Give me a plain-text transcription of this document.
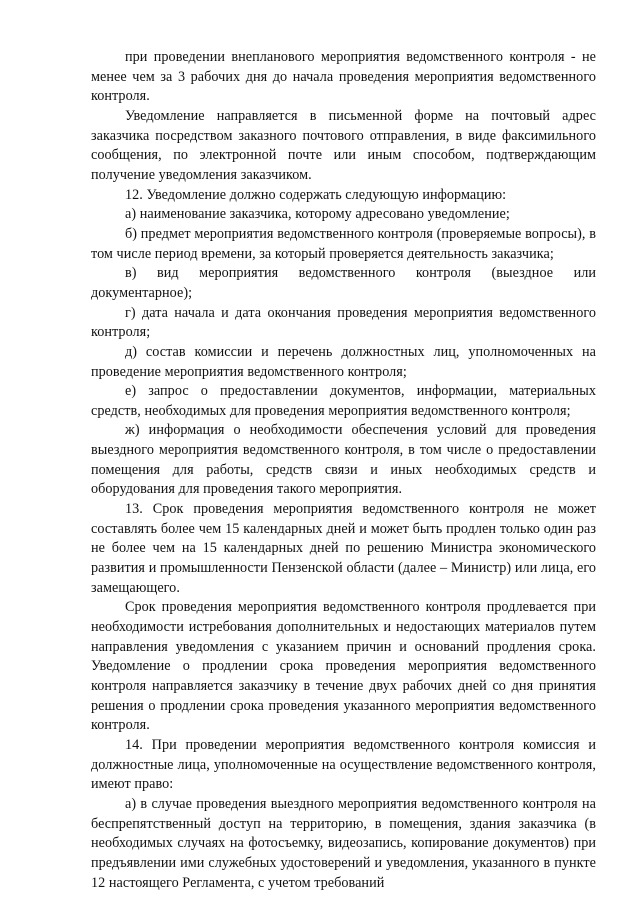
при проведении внепланового мероприятия ведомственного контроля - не менее чем за 3 рабочих дня до начала проведения мероприятия ведомственного контроля.

Уведомление направляется в письменной форме на почтовый адрес заказчика посредством заказного почтового отправления, в виде факсимильного сообщения, по электронной почте или иным способом, подтверждающим получение уведомления заказчиком.

12. Уведомление должно содержать следующую информацию:

а) наименование заказчика, которому адресовано уведомление;

б) предмет мероприятия ведомственного контроля (проверяемые вопросы), в том числе период времени, за который проверяется деятельность заказчика;

в) вид мероприятия ведомственного контроля (выездное или документарное);

г) дата начала и дата окончания проведения мероприятия ведомственного контроля;

д) состав комиссии и перечень должностных лиц, уполномоченных на проведение мероприятия ведомственного контроля;

е) запрос о предоставлении документов, информации, материальных средств, необходимых для проведения мероприятия ведомственного контроля;

ж) информация о необходимости обеспечения условий для проведения выездного мероприятия ведомственного контроля, в том числе о предоставлении помещения для работы, средств связи и иных необходимых средств и оборудования для проведения такого мероприятия.

13. Срок проведения мероприятия ведомственного контроля не может составлять более чем 15 календарных дней и может быть продлен только один раз не более чем на 15 календарных дней по решению Министра экономического развития и промышленности Пензенской области (далее – Министр) или лица, его замещающего.

Срок проведения мероприятия ведомственного контроля продлевается при необходимости истребования дополнительных и недостающих материалов путем направления уведомления с указанием причин и оснований продления срока. Уведомление о продлении срока проведения мероприятия ведомственного контроля направляется заказчику в течение двух рабочих дней со дня принятия решения о продлении срока проведения указанного мероприятия ведомственного контроля.

14. При проведении мероприятия ведомственного контроля комиссия и должностные лица, уполномоченные на осуществление ведомственного контроля, имеют право:

а) в случае проведения выездного мероприятия ведомственного контроля на беспрепятственный доступ на территорию, в помещения, здания заказчика (в необходимых случаях на фотосъемку, видеозапись, копирование документов) при предъявлении ими служебных удостоверений и уведомления, указанного в пункте 12 настоящего Регламента, с учетом требований
